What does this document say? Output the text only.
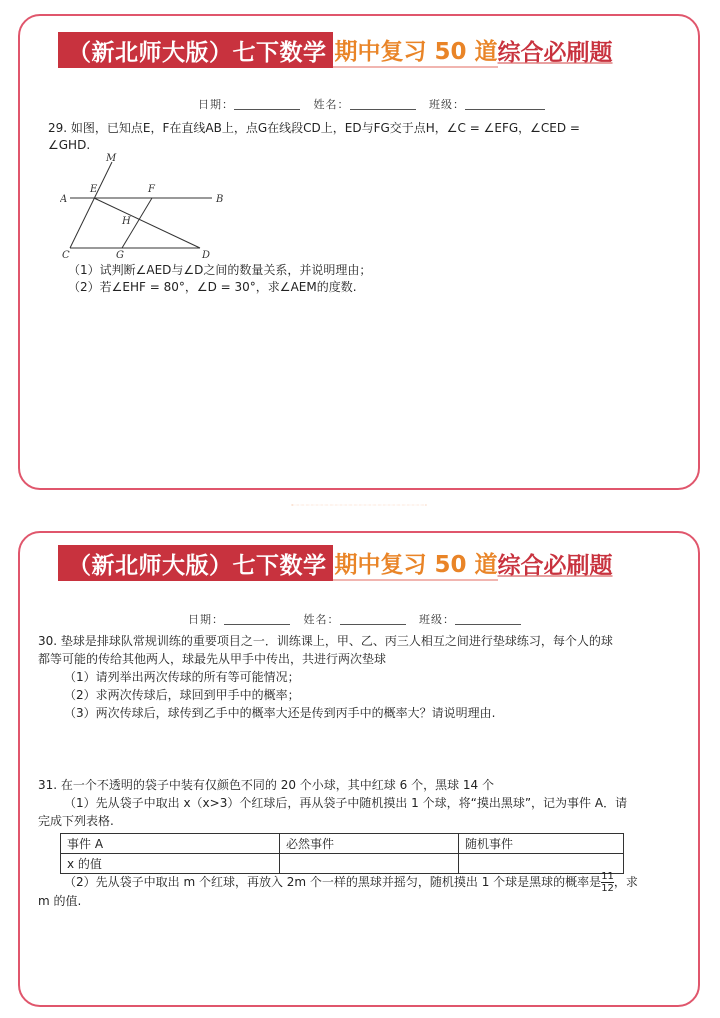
（新北师大版）七下数学 期中复习 50 道 综合必刷题
日期：	姓名：	班级：
29. 如图，已知点E，F在直线AB上，点G在线段CD上，ED与FG交于点H，∠C = ∠EFG，∠CED =
∠GHD.
M
E	F
A	B
H
C	G	D
（1）试判断∠AED与∠D之间的数量关系，并说明理由；
（2）若∠EHF = 80°，∠D = 30°，求∠AEM的度数.
（新北师大版）七下数学 期中复习 50 道 综合必刷题
日期：	姓名：	班级：
30. 垫球是排球队常规训练的重要项目之一．训练课上，甲、乙、丙三人相互之间进行垫球练习，每个人的球
都等可能的传给其他两人，球最先从甲手中传出，共进行两次垫球
（1）请列举出两次传球的所有等可能情况；
（2）求两次传球后，球回到甲手中的概率；
（3）两次传球后，球传到乙手中的概率大还是传到丙手中的概率大？请说明理由.
31. 在一个不透明的袋子中装有仅颜色不同的 20 个小球，其中红球 6 个，黑球 14 个
（1）先从袋子中取出 x（x>3）个红球后，再从袋子中随机摸出 1 个球，将“摸出黑球”，记为事件 A．请
完成下列表格.
事件 A	必然事件	随机事件
x 的值		
（2）先从袋子中取出 m 个红球，再放入 2m 个一样的黑球并摇匀，随机摸出 1 个球是黑球的概率是 $\frac{11}{12}$ ，求
m 的值.
